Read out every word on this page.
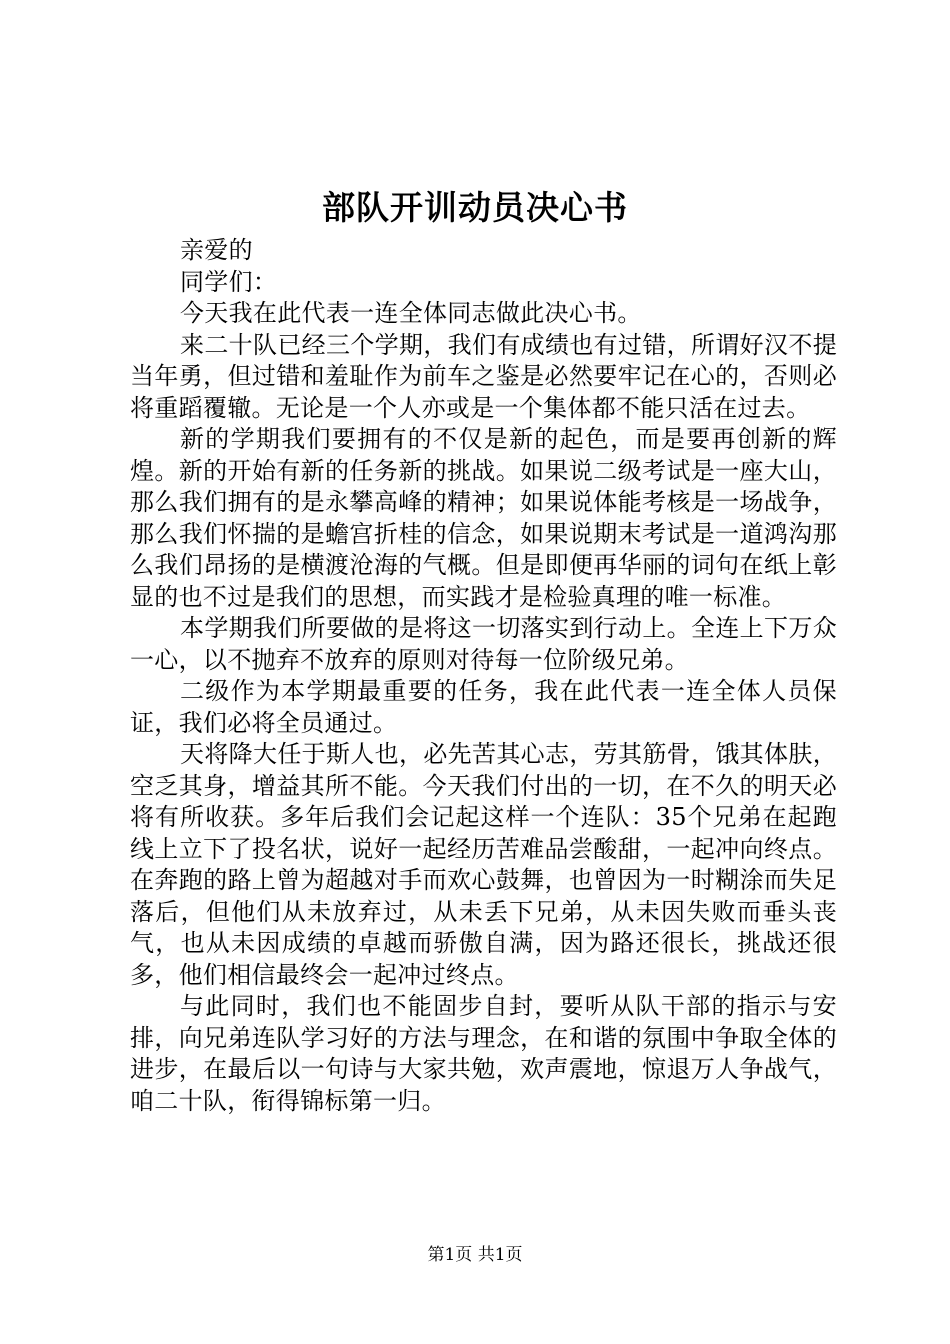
部队开训动员决心书

亲爱的

同学们：

今天我在此代表一连全体同志做此决心书。

来二十队已经三个学期，我们有成绩也有过错，所谓好汉不提当年勇，但过错和羞耻作为前车之鉴是必然要牢记在心的，否则必将重蹈覆辙。无论是一个人亦或是一个集体都不能只活在过去。

新的学期我们要拥有的不仅是新的起色，而是要再创新的辉煌。新的开始有新的任务新的挑战。如果说二级考试是一座大山，那么我们拥有的是永攀高峰的精神；如果说体能考核是一场战争，那么我们怀揣的是蟾宫折桂的信念，如果说期末考试是一道鸿沟那么我们昂扬的是横渡沧海的气概。但是即便再华丽的词句在纸上彰显的也不过是我们的思想，而实践才是检验真理的唯一标准。

本学期我们所要做的是将这一切落实到行动上。全连上下万众一心，以不抛弃不放弃的原则对待每一位阶级兄弟。

二级作为本学期最重要的任务，我在此代表一连全体人员保证，我们必将全员通过。

天将降大任于斯人也，必先苦其心志，劳其筋骨，饿其体肤，空乏其身，增益其所不能。今天我们付出的一切，在不久的明天必将有所收获。多年后我们会记起这样一个连队：35个兄弟在起跑线上立下了投名状，说好一起经历苦难品尝酸甜，一起冲向终点。在奔跑的路上曾为超越对手而欢心鼓舞，也曾因为一时糊涂而失足落后，但他们从未放弃过，从未丢下兄弟，从未因失败而垂头丧气，也从未因成绩的卓越而骄傲自满，因为路还很长，挑战还很多，他们相信最终会一起冲过终点。

与此同时，我们也不能固步自封，要听从队干部的指示与安排，向兄弟连队学习好的方法与理念，在和谐的氛围中争取全体的进步，在最后以一句诗与大家共勉，欢声震地，惊退万人争战气，咱二十队，衔得锦标第一归。

第1页 共1页
